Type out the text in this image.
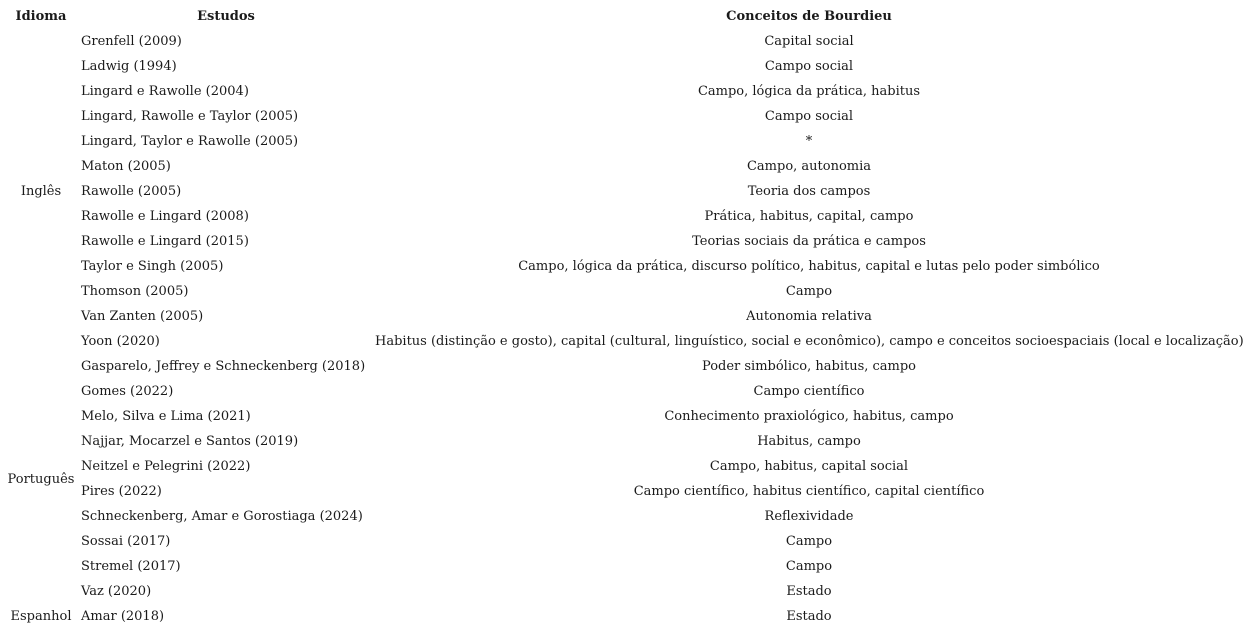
Idioma	Estudos	Conceitos de Bourdieu
Inglês	Grenfell (2009)	Capital social
	Ladwig (1994)	Campo social
	Lingard e Rawolle (2004)	Campo, lógica da prática, habitus
	Lingard, Rawolle e Taylor (2005)	Campo social
	Lingard, Taylor e Rawolle (2005)	*
	Maton (2005)	Campo, autonomia
	Rawolle (2005)	Teoria dos campos
	Rawolle e Lingard (2008)	Prática, habitus, capital, campo
	Rawolle e Lingard (2015)	Teorias sociais da prática e campos
	Taylor e Singh (2005)	Campo, lógica da prática, discurso político, habitus, capital e lutas pelo poder simbólico
	Thomson (2005)	Campo
	Van Zanten (2005)	Autonomia relativa
	Yoon (2020)	Habitus (distinção e gosto), capital (cultural, linguístico, social e econômico), campo e conceitos socioespaciais (local e localização)
Português	Gasparelo, Jeffrey e Schneckenberg (2018)	Poder simbólico, habitus, campo
	Gomes (2022)	Campo científico
	Melo, Silva e Lima (2021)	Conhecimento praxiológico, habitus, campo
	Najjar, Mocarzel e Santos (2019)	Habitus, campo
	Neitzel e Pelegrini (2022)	Campo, habitus, capital social
	Pires (2022)	Campo científico, habitus científico, capital científico
	Schneckenberg, Amar e Gorostiaga (2024)	Reflexividade
	Sossai (2017)	Campo
	Stremel (2017)	Campo
	Vaz (2020)	Estado
Espanhol	Amar (2018)	Estado
